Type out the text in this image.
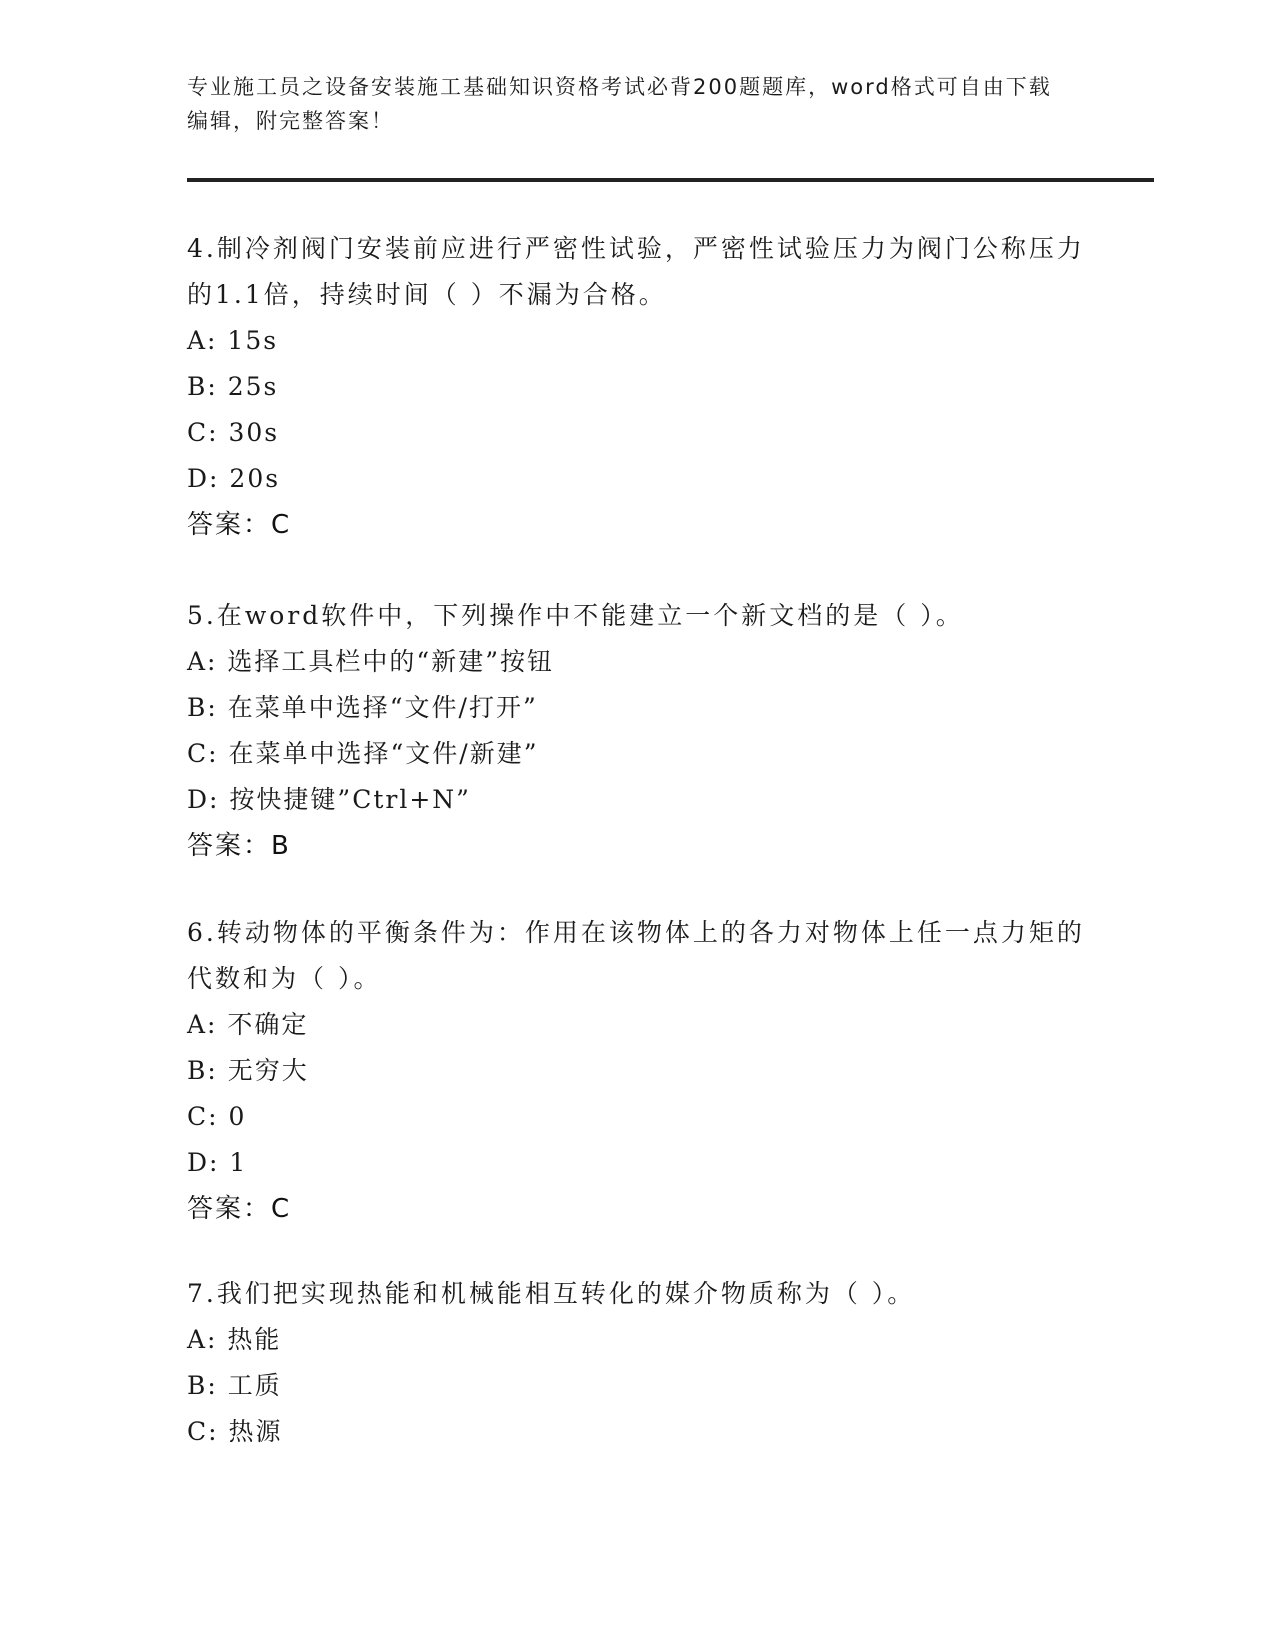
专业施工员之设备安装施工基础知识资格考试必背200题题库，word格式可自由下载编辑，附完整答案！

4.制冷剂阀门安装前应进行严密性试验，严密性试验压力为阀门公称压力的1.1倍，持续时间（ ）不漏为合格。

A: 15s

B: 25s

C: 30s

D: 20s

答案：C

5.在word软件中，下列操作中不能建立一个新文档的是（ ）。

A: 选择工具栏中的“新建”按钮

B: 在菜单中选择“文件/打开”

C: 在菜单中选择“文件/新建”

D: 按快捷键”Ctrl+N”

答案：B

6.转动物体的平衡条件为：作用在该物体上的各力对物体上任一点力矩的代数和为（ ）。

A: 不确定

B: 无穷大

C: 0

D: 1

答案：C

7.我们把实现热能和机械能相互转化的媒介物质称为（ ）。

A: 热能

B: 工质

C: 热源
